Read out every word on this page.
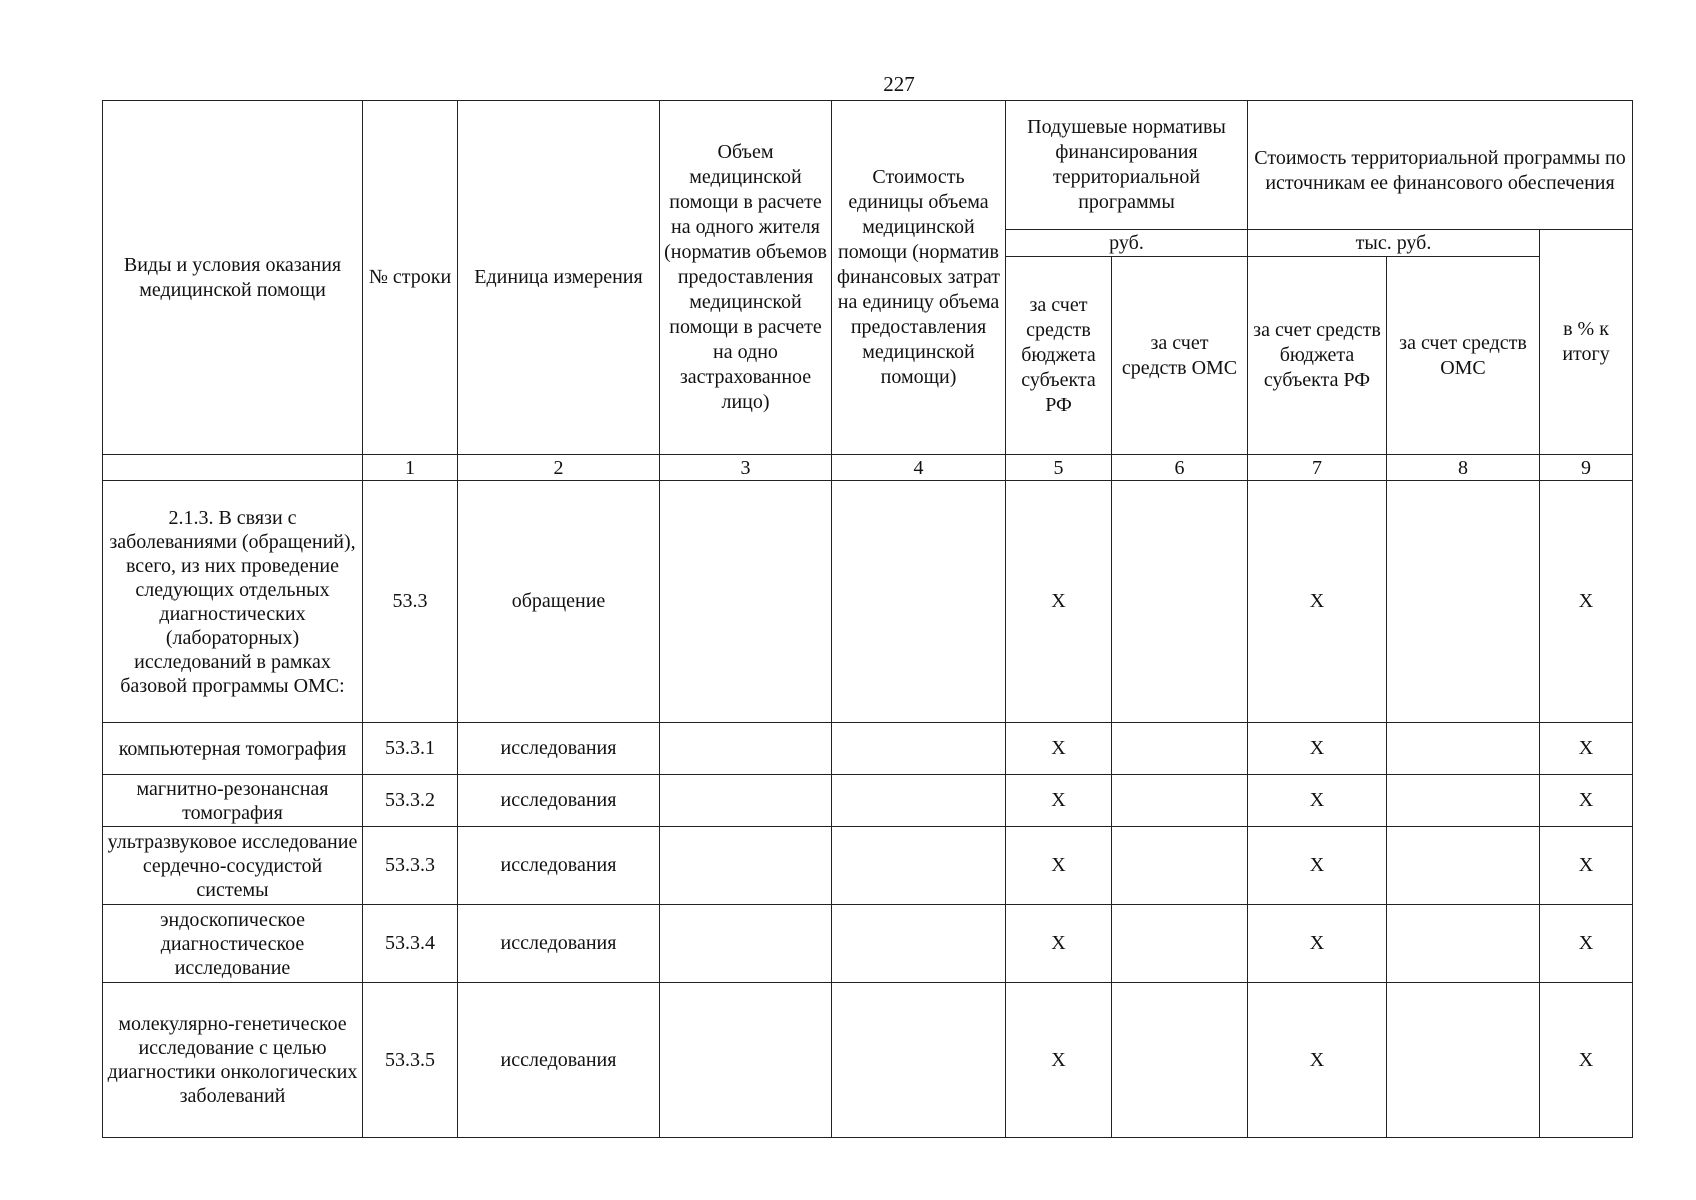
227
Виды и условия оказания медицинской помощи	№ строки	Единица измерения	Объем медицинской помощи в расчете на одного жителя (норматив объемов предоставления медицинской помощи в расчете на одно застрахованное лицо)	Стоимость единицы объема медицинской помощи (норматив финансовых затрат на единицу объема предоставления медицинской помощи)	Подушевые нормативы финансирования территориальной программы		Стоимость территориальной программы по источникам ее финансового обеспечения		
					руб.		тыс. руб.		в % к итогу
					за счет средств бюджета субъекта РФ	за счет средств ОМС	за счет средств бюджета субъекта РФ	за счет средств ОМС	
	1	2	3	4	5	6	7	8	9
2.1.3. В связи с заболеваниями (обращений), всего, из них проведение следующих отдельных диагностических (лабораторных) исследований в рамках базовой программы ОМС:	53.3	обращение			X		X		X
компьютерная томография	53.3.1	исследования			X		X		X
магнитно-резонансная томография	53.3.2	исследования			X		X		X
ультразвуковое исследование сердечно-сосудистой системы	53.3.3	исследования			X		X		X
эндоскопическое диагностическое исследование	53.3.4	исследования			X		X		X
молекулярно-генетическое исследование с целью диагностики онкологических заболеваний	53.3.5	исследования			X		X		X
